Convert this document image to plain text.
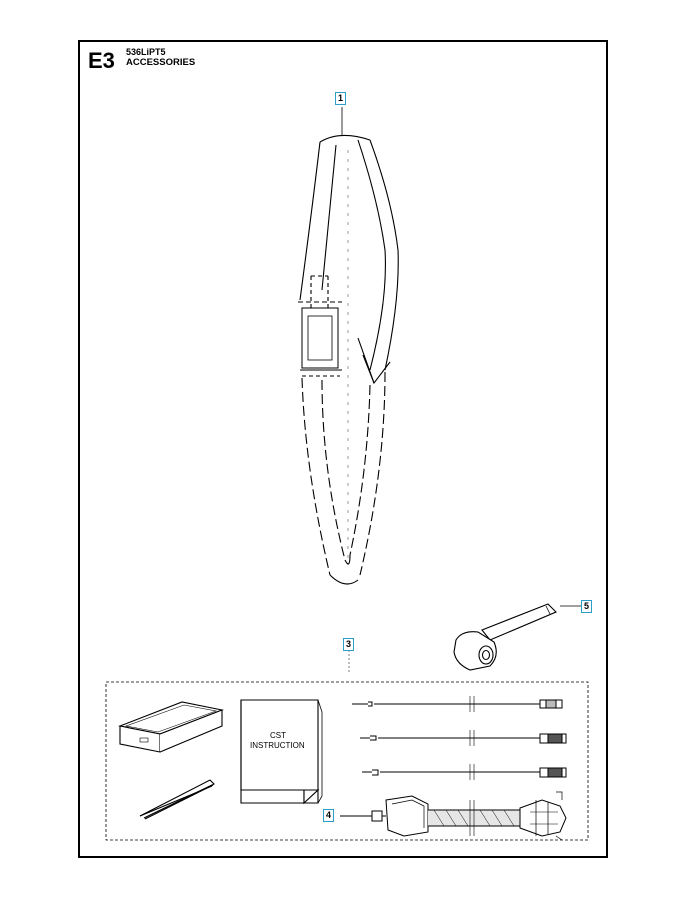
E3 536LiPT5
ACCESSORIES
CST
INSTRUCTION
1
5
3
4
